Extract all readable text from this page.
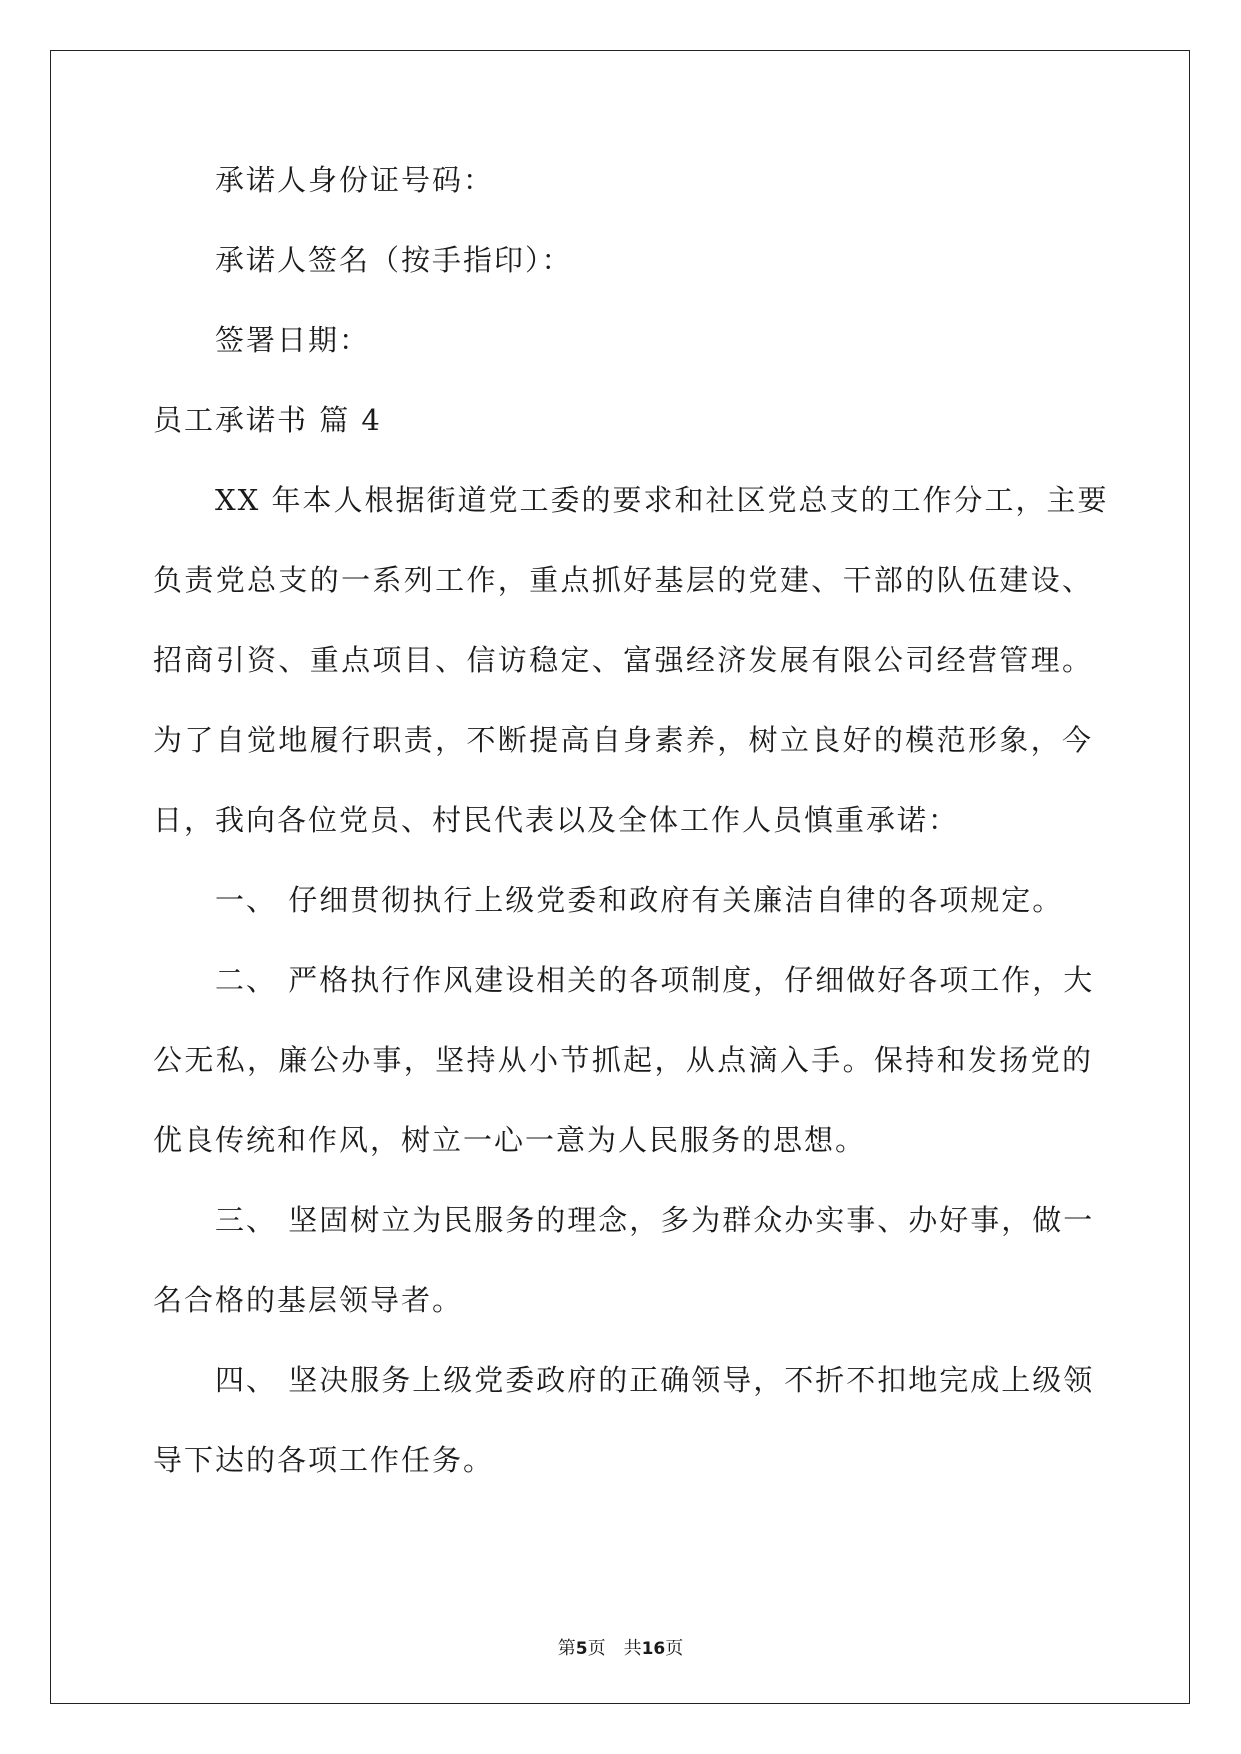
承诺人身份证号码：

承诺人签名（按手指印）：

签署日期：

员工承诺书 篇 4

XX 年本人根据街道党工委的要求和社区党总支的工作分工，主要

负责党总支的一系列工作，重点抓好基层的党建、干部的队伍建设、

招商引资、重点项目、信访稳定、富强经济发展有限公司经营管理。

为了自觉地履行职责，不断提高自身素养，树立良好的模范形象，今

日，我向各位党员、村民代表以及全体工作人员慎重承诺：

一、 仔细贯彻执行上级党委和政府有关廉洁自律的各项规定。

二、 严格执行作风建设相关的各项制度，仔细做好各项工作，大

公无私，廉公办事，坚持从小节抓起，从点滴入手。保持和发扬党的

优良传统和作风，树立一心一意为人民服务的思想。

三、 坚固树立为民服务的理念，多为群众办实事、办好事，做一

名合格的基层领导者。

四、 坚决服务上级党委政府的正确领导，不折不扣地完成上级领

导下达的各项工作任务。

第5页　共16页
